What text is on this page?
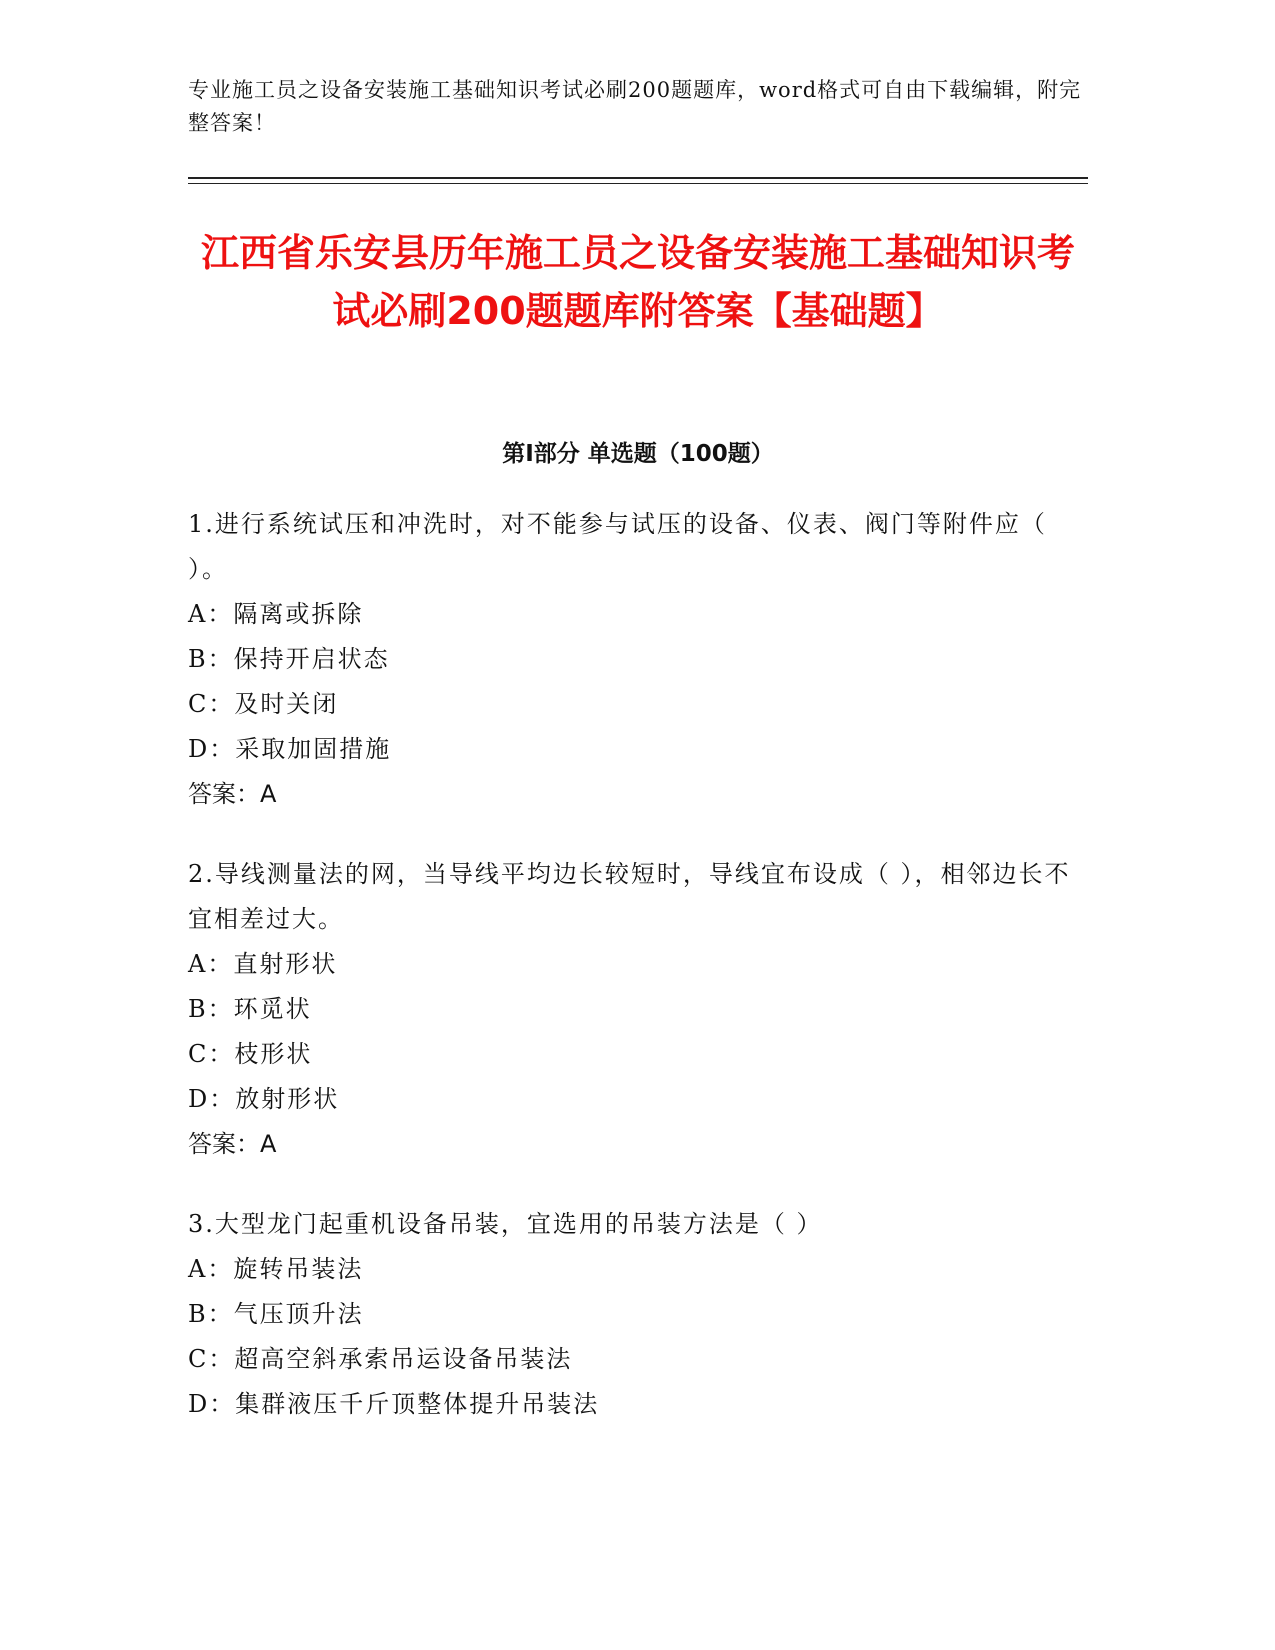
专业施工员之设备安装施工基础知识考试必刷200题题库，word格式可自由下载编辑，附完整答案！
江西省乐安县历年施工员之设备安装施工基础知识考试必刷200题题库附答案【基础题】
第I部分 单选题（100题）

1.进行系统试压和冲洗时，对不能参与试压的设备、仪表、阀门等附件应（ ）。

A：隔离或拆除

B：保持开启状态

C：及时关闭

D：采取加固措施

答案：A

2.导线测量法的网，当导线平均边长较短时，导线宜布设成（ ），相邻边长不宜相差过大。

A：直射形状

B：环觅状

C：枝形状

D：放射形状

答案：A

3.大型龙门起重机设备吊装，宜选用的吊装方法是（ ）

A：旋转吊装法

B：气压顶升法

C：超高空斜承索吊运设备吊装法

D：集群液压千斤顶整体提升吊装法
